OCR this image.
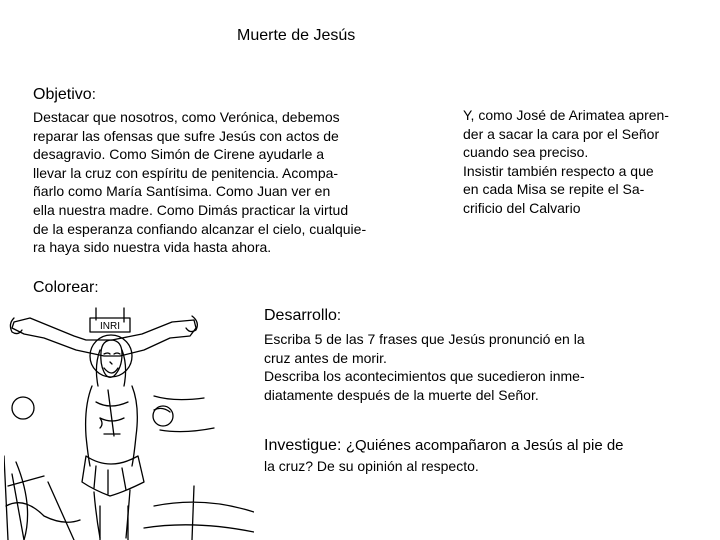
Muerte de Jesús
Objetivo:
Destacar que nosotros, como Verónica, debemos
reparar las ofensas que sufre Jesús con actos de
desagravio. Como Simón de Cirene ayudarle a
llevar la cruz con espíritu de penitencia. Acompa-
ñarlo como María Santísima. Como Juan ver en
ella nuestra madre. Como Dimás practicar la virtud
de la esperanza confiando alcanzar el cielo, cualquie-
ra haya sido nuestra vida hasta ahora.
Y, como José de Arimatea apren-
der a sacar la cara por el Señor
cuando sea preciso.
Insistir también respecto a que
en cada Misa se repite el Sa-
crificio del Calvario
Colorear:
INRI
Desarrollo:
Escriba 5 de las 7 frases que Jesús pronunció en la
cruz antes de morir.
Describa los acontecimientos que sucedieron inme-
diatamente después de la muerte del Señor.
Investigue: ¿Quiénes acompañaron a Jesús al pie de
la cruz? De su opinión al respecto.
